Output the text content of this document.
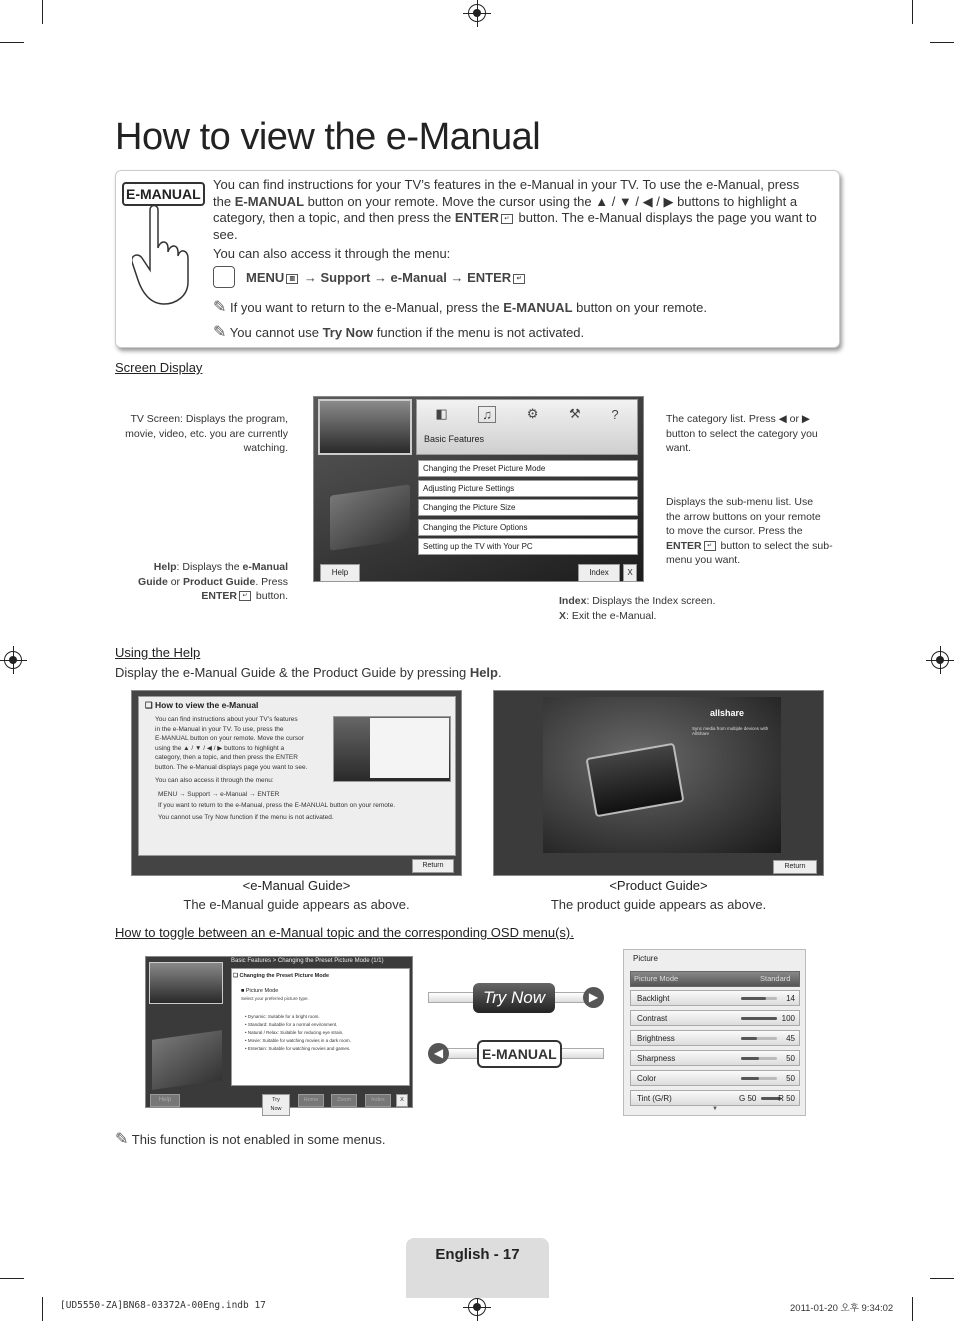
How to view the e-Manual
E-MANUAL
You can find instructions for your TV’s features in the e-Manual in your TV. To use the e-Manual, press
the E-MANUAL button on your remote. Move the cursor using the ▲ / ▼ / ◀ / ▶ buttons to highlight a
category, then a topic, and then press the ENTER ↵ button. The e-Manual displays the page you want to
see.
You can also access it through the menu:
MENU ▥ → Support → e-Manual → ENTER ↵
✎ If you want to return to the e-Manual, press the E-MANUAL button on your remote.
✎ You cannot use Try Now function if the menu is not activated.
Screen Display
TV Screen: Displays the program,
movie, video, etc. you are currently
watching.
Help: Displays the e-Manual
Guide or Product Guide. Press
ENTER ↵ button.
◧	♫	⚙ ⚒ ?
Basic Features
Changing the Preset Picture Mode
Adjusting Picture Settings
Changing the Picture Size
Changing the Picture Options
Setting up the TV with Your PC
Help	Index	X
The category list. Press ◀ or ▶
button to select the category you
want.
Displays the sub-menu list. Use
the arrow buttons on your remote
to move the cursor. Press the
ENTER ↵ button to select the sub-
menu you want.
Index: Displays the Index screen.
X: Exit the e-Manual.
Using the Help
Display the e-Manual Guide & the Product Guide by pressing Help.
❑ How to view the e-Manual
You can find instructions about your TV’s features
in the e-Manual in your TV. To use, press the
E-MANUAL button on your remote. Move the cursor
using the ▲ / ▼ / ◀ / ▶ buttons to highlight a
category, then a topic, and then press the ENTER
button. The e-Manual displays page you want to see.
You can also access it through the menu:
MENU → Support → e-Manual → ENTER
If you want to return to the e-Manual, press the E-MANUAL button on your remote.
You cannot use Try Now function if the menu is not activated.
Return
allshare
Sync media from multiple devices with AllShare
Return
<e-Manual Guide>
The e-Manual guide appears as above.
<Product Guide>
The product guide appears as above.
How to toggle between an e-Manual topic and the corresponding OSD menu(s).
Basic Features > Changing the Preset Picture Mode (1/1)
❑ Changing the Preset Picture Mode
■ Picture Mode
Select your preferred picture type.
• Dynamic: Suitable for a bright room.
• Standard: Suitable for a normal environment.
• Natural / Relax: Suitable for reducing eye strain.
• Movie: Suitable for watching movies in a dark room.
• Entertain: Suitable for watching movies and games.
Help	Try Now
Home	Zoom	Index	X
▶
Try Now
◀	E-MANUAL
Picture
Picture Mode	Standard
Backlight	14
Contrast	100
Brightness	45
Sharpness	50
Color	50
Tint (G/R)	G 50	R 50
▼
✎ This function is not enabled in some menus.
English - 17
[UD5550-ZA]BN68-03372A-00Eng.indb 17	2011-01-20 오후 9:34:02
